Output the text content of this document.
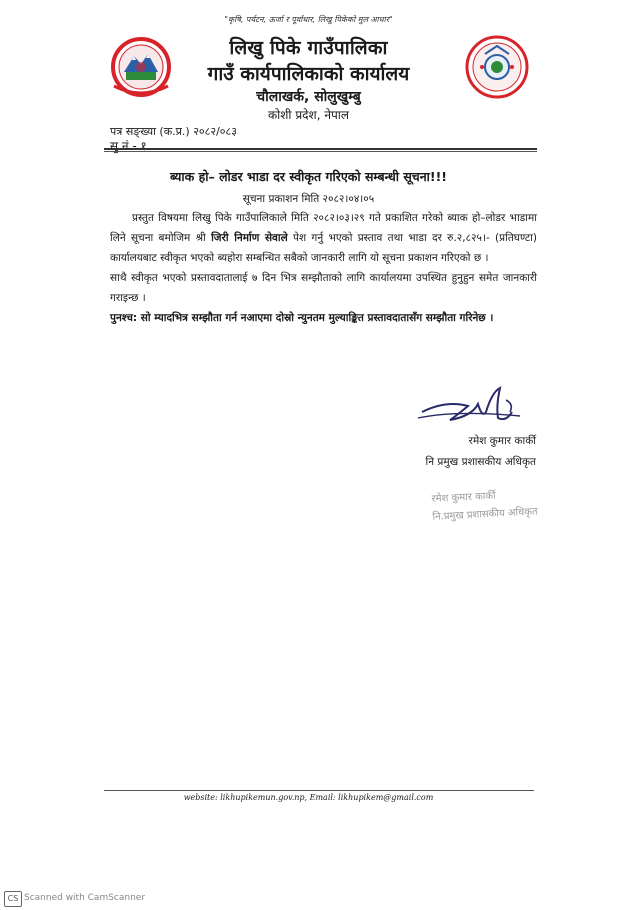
"कृषि, पर्यटन, ऊर्जा र पूर्वाधार, लिखु पिकेको मुल आधार"
लिखु पिके गाउँपालिका
गाउँ कार्यपालिकाको कार्यालय
चौलाखर्क, सोलुखुम्बु
कोशी प्रदेश, नेपाल
पत्र सङ्ख्या (क.प्र.) २०८२/०८३
सु.नं.- १
ब्याक हो– लोडर भाडा दर स्वीकृत गरिएको सम्बन्धी सूचना!!!
सूचना प्रकाशन मिति २०८२।०४।०५

प्रस्तुत विषयमा लिखु पिके गाउँपालिकाले मिति २०८२।०३।२९ गते प्रकाशित गरेको ब्याक हो–लोडर भाडामा लिने सूचना बमोजिम श्री जिरी निर्माण सेवाले पेश गर्नु भएको प्रस्ताव तथा भाडा दर रु.२,८२५।- (प्रतिघण्टा) कार्यालयबाट स्वीकृत भएको ब्यहोरा सम्बन्धित सबैको जानकारी लागि यो सूचना प्रकाशन गरिएको छ ।

साथै स्वीकृत भएको प्रस्तावदातालाई ७ दिन भित्र सम्झौताको लागि कार्यालयमा उपस्थित हुनुहुन समेत जानकारी गराइन्छ ।

पुनश्च: सो म्यादभित्र सम्झौता गर्न नआएमा दोस्रो न्युनतम मुल्याङ्कित प्रस्तावदातासँग सम्झौता गरिनेछ ।

रमेश कुमार कार्की
नि प्रमुख प्रशासकीय अधिकृत
रमेश कुमार कार्की
नि.प्रमुख प्रशासकीय अधिकृत
website: likhupikemun.gov.np, Email: likhupikem@gmail.com
CS Scanned with CamScanner
